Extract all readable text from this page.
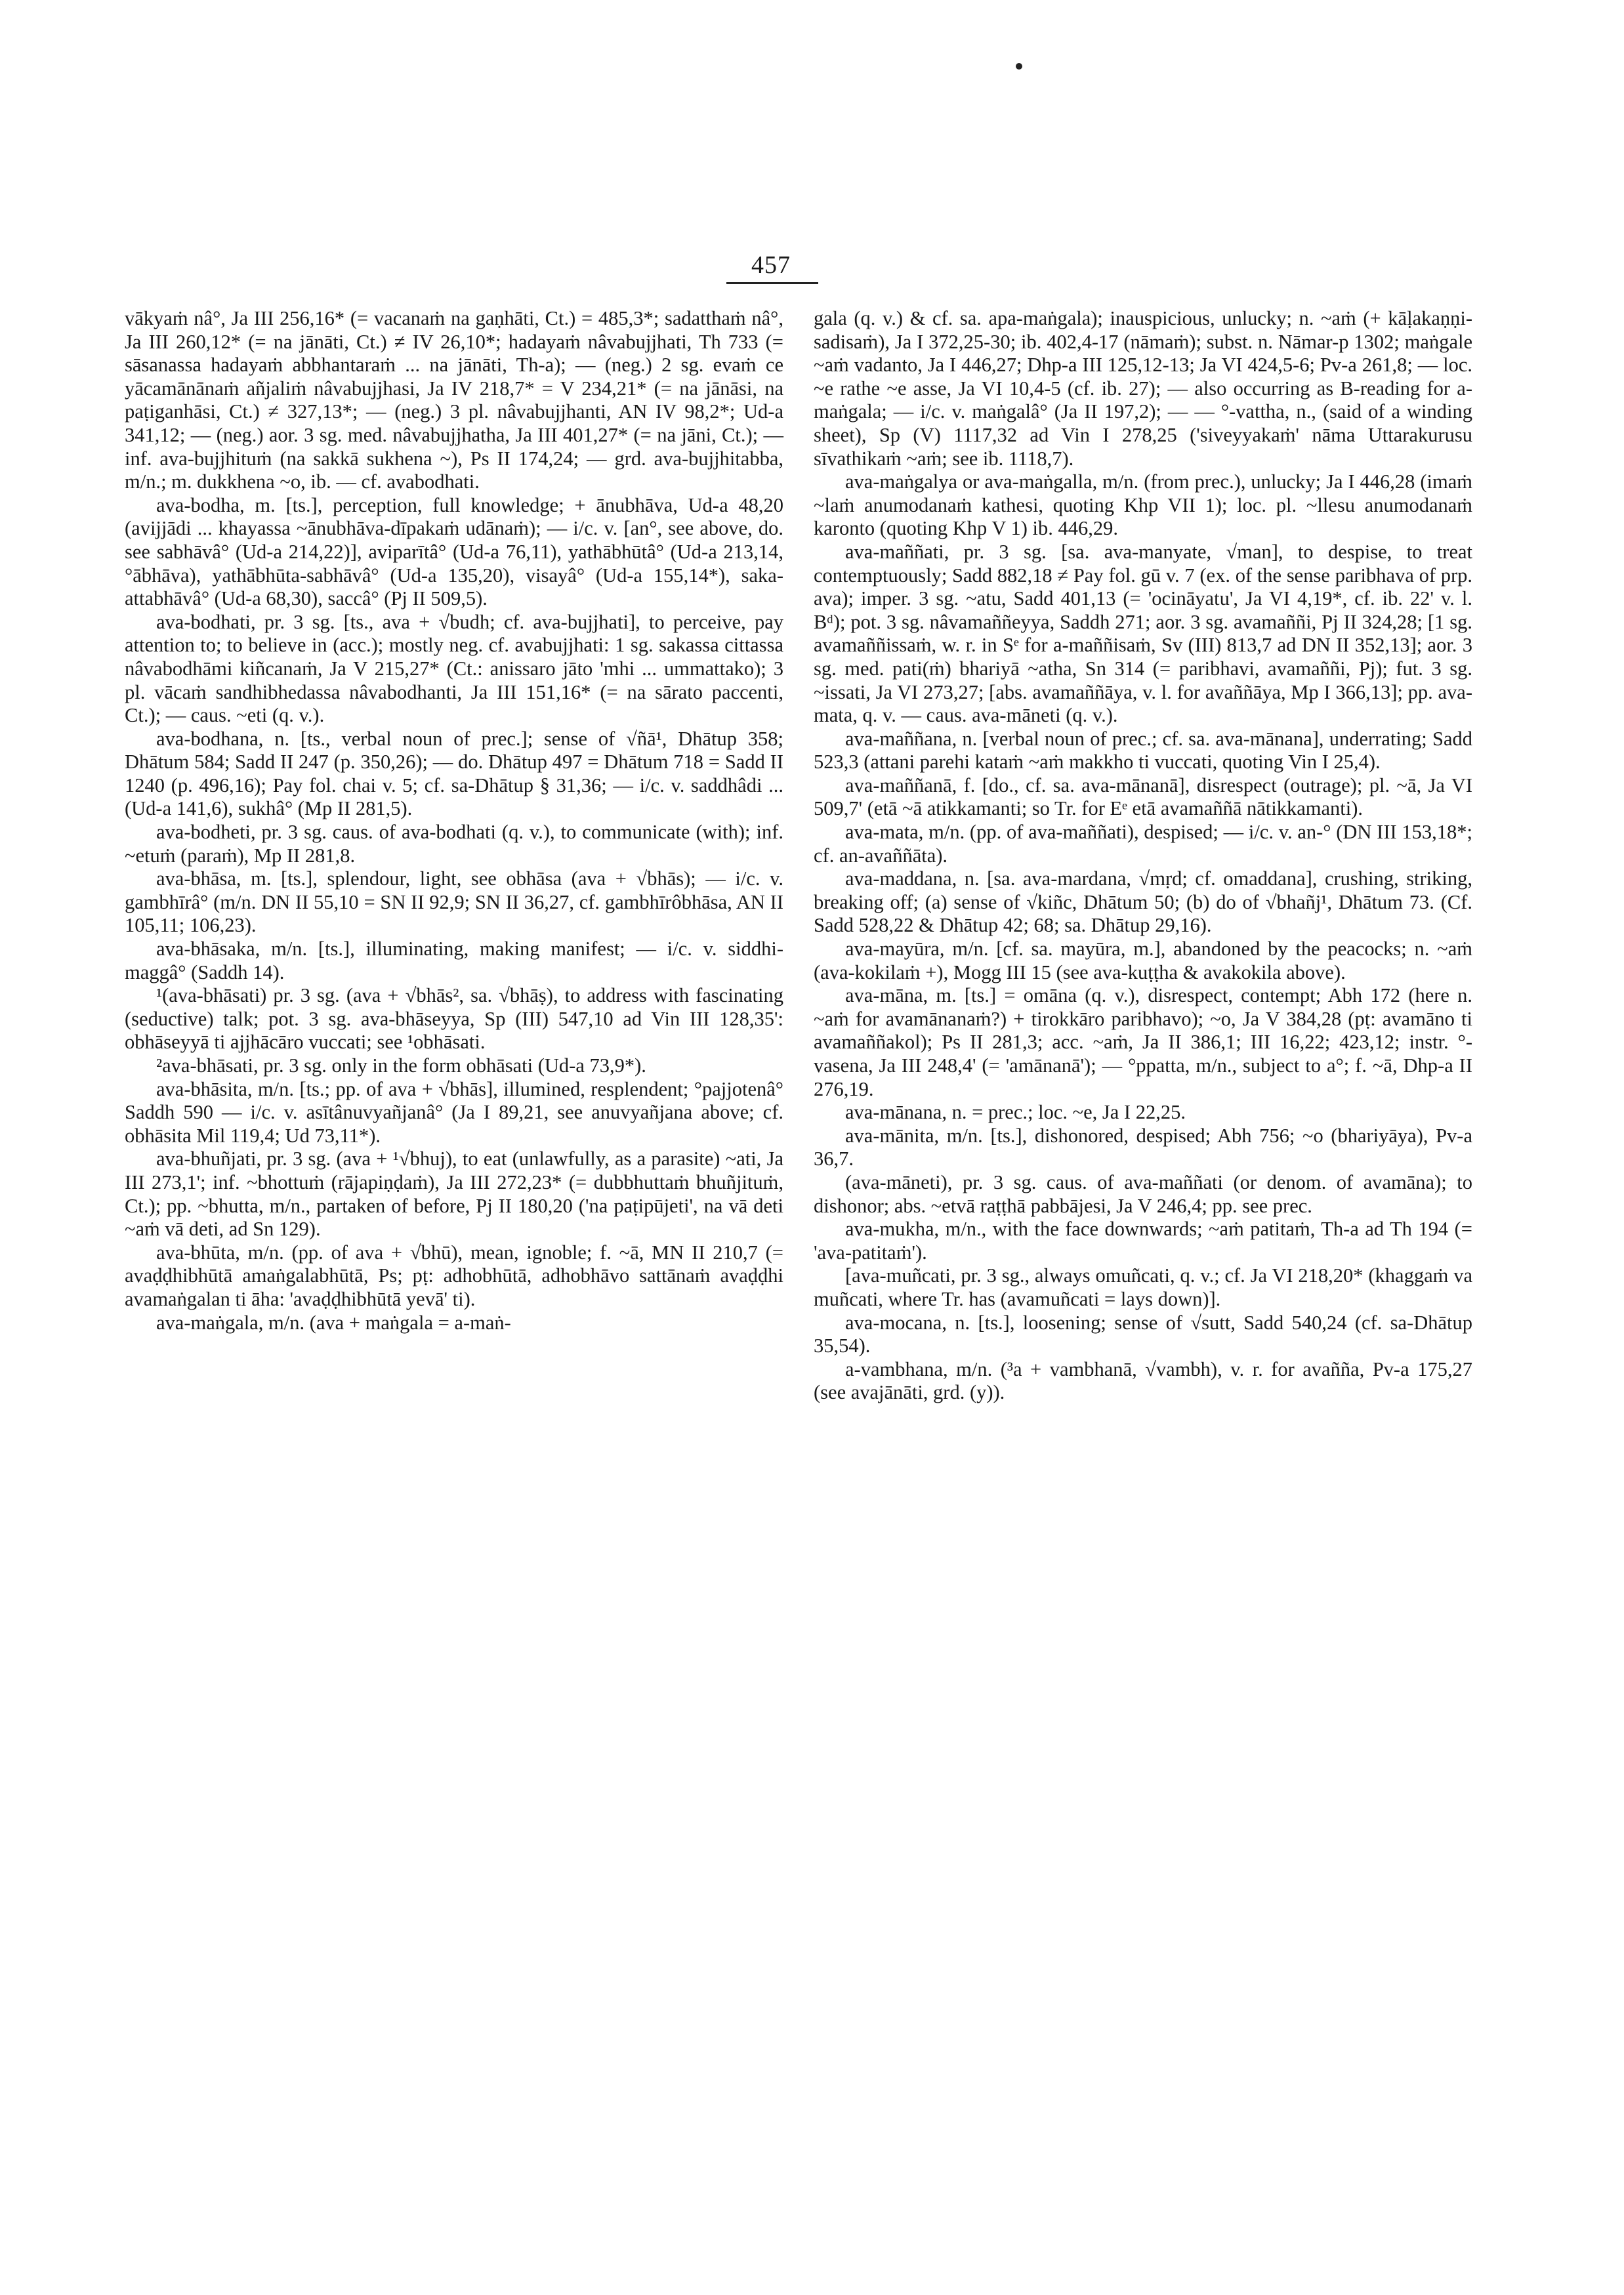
457

vākyaṁ nâ°, Ja III 256,16* (= vacanaṁ na gaṇhāti, Ct.) = 485,3*; sadatthaṁ nâ°, Ja III 260,12* (= na jānāti, Ct.) ≠ IV 26,10*; hadayaṁ nâvabujjhati, Th 733 (= sāsanassa hadayaṁ abbhantaraṁ ... na jānāti, Th-a); — (neg.) 2 sg. evaṁ ce yācamānānaṁ añjaliṁ nâvabujjhasi, Ja IV 218,7* = V 234,21* (= na jānāsi, na paṭiganhāsi, Ct.) ≠ 327,13*; — (neg.) 3 pl. nâvabujjhanti, AN IV 98,2*; Ud-a 341,12; — (neg.) aor. 3 sg. med. nâvabujjhatha, Ja III 401,27* (= na jāni, Ct.); — inf. ava-bujjhituṁ (na sakkā sukhena ~), Ps II 174,24; — grd. ava-bujjhitabba, m/n.; m. dukkhena ~o, ib. — cf. avabodhati.

ava-bodha, m. [ts.], perception, full knowledge; + ānubhāva, Ud-a 48,20 (avijjādi ... khayassa ~ānubhāva-dīpakaṁ udānaṁ); — i/c. v. [an°, see above, do. see sabhāvâ° (Ud-a 214,22)], aviparītâ° (Ud-a 76,11), yathābhūtâ° (Ud-a 213,14, °ābhāva), yathābhūta-sabhāvâ° (Ud-a 135,20), visayâ° (Ud-a 155,14*), saka-attabhāvâ° (Ud-a 68,30), saccâ° (Pj II 509,5).

ava-bodhati, pr. 3 sg. [ts., ava + √budh; cf. ava-bujjhati], to perceive, pay attention to; to believe in (acc.); mostly neg. cf. avabujjhati: 1 sg. sakassa cittassa nâvabodhāmi kiñcanaṁ, Ja V 215,27* (Ct.: anissaro jāto 'mhi ... ummattako); 3 pl. vācaṁ sandhibhedassa nâvabodhanti, Ja III 151,16* (= na sārato paccenti, Ct.); — caus. ~eti (q. v.).

ava-bodhana, n. [ts., verbal noun of prec.]; sense of √ñā¹, Dhātup 358; Dhātum 584; Sadd II 247 (p. 350,26); — do. Dhātup 497 = Dhātum 718 = Sadd II 1240 (p. 496,16); Pay fol. chai v. 5; cf. sa-Dhātup § 31,36; — i/c. v. saddhâdi ... (Ud-a 141,6), sukhâ° (Mp II 281,5).

ava-bodheti, pr. 3 sg. caus. of ava-bodhati (q. v.), to communicate (with); inf. ~etuṁ (paraṁ), Mp II 281,8.

ava-bhāsa, m. [ts.], splendour, light, see obhāsa (ava + √bhās); — i/c. v. gambhīrâ° (m/n. DN II 55,10 = SN II 92,9; SN II 36,27, cf. gambhīrôbhāsa, AN II 105,11; 106,23).

ava-bhāsaka, m/n. [ts.], illuminating, making manifest; — i/c. v. siddhi-maggâ° (Saddh 14).

¹(ava-bhāsati) pr. 3 sg. (ava + √bhās², sa. √bhāṣ), to address with fascinating (seductive) talk; pot. 3 sg. ava-bhāseyya, Sp (III) 547,10 ad Vin III 128,35': obhāseyyā ti ajjhācāro vuccati; see ¹obhāsati.

²ava-bhāsati, pr. 3 sg. only in the form obhāsati (Ud-a 73,9*).

ava-bhāsita, m/n. [ts.; pp. of ava + √bhās], illumined, resplendent; °pajjotenâ° Saddh 590 — i/c. v. asītânuvyañjanâ° (Ja I 89,21, see anuvyañjana above; cf. obhāsita Mil 119,4; Ud 73,11*).

ava-bhuñjati, pr. 3 sg. (ava + ¹√bhuj), to eat (unlawfully, as a parasite) ~ati, Ja III 273,1'; inf. ~bhottuṁ (rājapiṇḍaṁ), Ja III 272,23* (= dubbhuttaṁ bhuñjituṁ, Ct.); pp. ~bhutta, m/n., partaken of before, Pj II 180,20 ('na paṭipūjeti', na vā deti ~aṁ vā deti, ad Sn 129).

ava-bhūta, m/n. (pp. of ava + √bhū), mean, ignoble; f. ~ā, MN II 210,7 (= avaḍḍhibhūtā amaṅgalabhūtā, Ps; pṭ: adhobhūtā, adhobhāvo sattānaṁ avaḍḍhi avamaṅgalan ti āha: 'avaḍḍhibhūtā yevā' ti).

ava-maṅgala, m/n. (ava + maṅgala = a-maṅ-

gala (q. v.) & cf. sa. apa-maṅgala); inauspicious, unlucky; n. ~aṁ (+ kāḷakaṇṇi-sadisaṁ), Ja I 372,25-30; ib. 402,4-17 (nāmaṁ); subst. n. Nāmar-p 1302; maṅgale ~aṁ vadanto, Ja I 446,27; Dhp-a III 125,12-13; Ja VI 424,5-6; Pv-a 261,8; — loc. ~e rathe ~e asse, Ja VI 10,4-5 (cf. ib. 27); — also occurring as B-reading for a-maṅgala; — i/c. v. maṅgalâ° (Ja II 197,2); — — °-vattha, n., (said of a winding sheet), Sp (V) 1117,32 ad Vin I 278,25 ('siveyyakaṁ' nāma Uttarakurusu sīvathikaṁ ~aṁ; see ib. 1118,7).

ava-maṅgalya or ava-maṅgalla, m/n. (from prec.), unlucky; Ja I 446,28 (imaṁ ~laṁ anumodanaṁ kathesi, quoting Khp VII 1); loc. pl. ~llesu anumodanaṁ karonto (quoting Khp V 1) ib. 446,29.

ava-maññati, pr. 3 sg. [sa. ava-manyate, √man], to despise, to treat contemptuously; Sadd 882,18 ≠ Pay fol. gū v. 7 (ex. of the sense paribhava of prp. ava); imper. 3 sg. ~atu, Sadd 401,13 (= 'ocināyatu', Ja VI 4,19*, cf. ib. 22' v. l. Bᵈ); pot. 3 sg. nâvamaññeyya, Saddh 271; aor. 3 sg. avamaññi, Pj II 324,28; [1 sg. avamaññissaṁ, w. r. in Sᵉ for a-maññisaṁ, Sv (III) 813,7 ad DN II 352,13]; aor. 3 sg. med. pati(ṁ) bhariyā ~atha, Sn 314 (= paribhavi, avamaññi, Pj); fut. 3 sg. ~issati, Ja VI 273,27; [abs. avamaññāya, v. l. for avaññāya, Mp I 366,13]; pp. ava-mata, q. v. — caus. ava-māneti (q. v.).

ava-maññana, n. [verbal noun of prec.; cf. sa. ava-mānana], underrating; Sadd 523,3 (attani parehi kataṁ ~aṁ makkho ti vuccati, quoting Vin I 25,4).

ava-maññanā, f. [do., cf. sa. ava-mānanā], disrespect (outrage); pl. ~ā, Ja VI 509,7' (etā ~ā atikkamanti; so Tr. for Eᵉ etā avamaññā nātikkamanti).

ava-mata, m/n. (pp. of ava-maññati), despised; — i/c. v. an-° (DN III 153,18*; cf. an-avaññāta).

ava-maddana, n. [sa. ava-mardana, √mṛd; cf. omaddana], crushing, striking, breaking off; (a) sense of √kiñc, Dhātum 50; (b) do of √bhañj¹, Dhātum 73. (Cf. Sadd 528,22 & Dhātup 42; 68; sa. Dhātup 29,16).

ava-mayūra, m/n. [cf. sa. mayūra, m.], abandoned by the peacocks; n. ~aṁ (ava-kokilaṁ +), Mogg III 15 (see ava-kuṭṭha & avakokila above).

ava-māna, m. [ts.] = omāna (q. v.), disrespect, contempt; Abh 172 (here n. ~aṁ for avamānanaṁ?) + tirokkāro paribhavo); ~o, Ja V 384,28 (pṭ: avamāno ti avamaññakol); Ps II 281,3; acc. ~aṁ, Ja II 386,1; III 16,22; 423,12; instr. °-vasena, Ja III 248,4' (= 'amānanā'); — °ppatta, m/n., subject to a°; f. ~ā, Dhp-a II 276,19.

ava-mānana, n. = prec.; loc. ~e, Ja I 22,25.

ava-mānita, m/n. [ts.], dishonored, despised; Abh 756; ~o (bhariyāya), Pv-a 36,7.

(ava-māneti), pr. 3 sg. caus. of ava-maññati (or denom. of avamāna); to dishonor; abs. ~etvā raṭṭhā pabbājesi, Ja V 246,4; pp. see prec.

ava-mukha, m/n., with the face downwards; ~aṁ patitaṁ, Th-a ad Th 194 (= 'ava-patitaṁ').

[ava-muñcati, pr. 3 sg., always omuñcati, q. v.; cf. Ja VI 218,20* (khaggaṁ va muñcati, where Tr. has (avamuñcati = lays down)].

ava-mocana, n. [ts.], loosening; sense of √sutt, Sadd 540,24 (cf. sa-Dhātup 35,54).

a-vambhana, m/n. (³a + vambhanā, √vambh), v. r. for avañña, Pv-a 175,27 (see avajānāti, grd. (y)).
